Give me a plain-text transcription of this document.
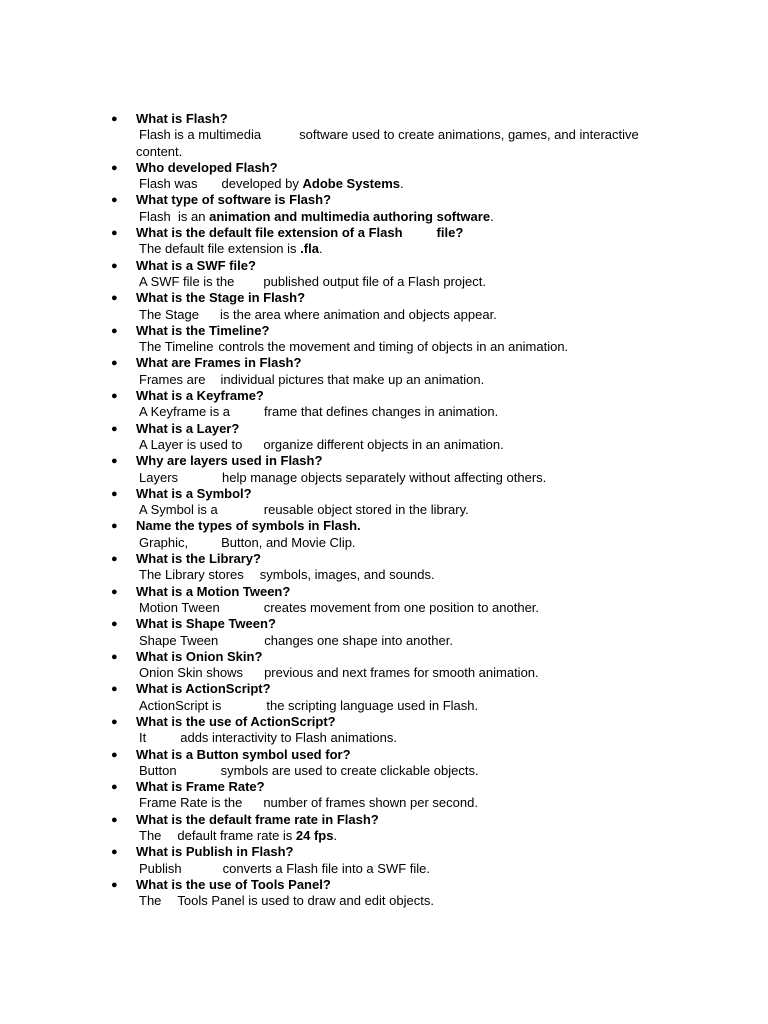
● What is Flash?
Flash is a multimedia	software used to create animations, games, and interactive
content.
● Who developed Flash?
Flash was developed by Adobe Systems.
● What type of software is Flash?
Flash  is an animation and multimedia authoring software.
● What is the default file extension of a Flash	file?
The default file extension is .fla.
● What is a SWF file?
A SWF file is the published output file of a Flash project.
● What is the Stage in Flash?
The Stage is the area where animation and objects appear.
● What is the Timeline?
The Timeline controls the movement and timing of objects in an animation.
● What are Frames in Flash?
Frames are individual pictures that make up an animation.
● What is a Keyframe?
A Keyframe is a	frame that defines changes in animation.
● What is a Layer?
A Layer is used to organize different objects in an animation.
● Why are layers used in Flash?
Layers	help manage objects separately without affecting others.
● What is a Symbol?
A Symbol is a	reusable object stored in the library.
● Name the types of symbols in Flash.
Graphic,	Button, and Movie Clip.
● What is the Library?
The Library stores symbols, images, and sounds.
● What is a Motion Tween?
Motion Tween	creates movement from one position to another.
● What is Shape Tween?
Shape Tween	changes one shape into another.
● What is Onion Skin?
Onion Skin shows previous and next frames for smooth animation.
● What is ActionScript?
ActionScript is	the scripting language used in Flash.
● What is the use of ActionScript?
It	adds interactivity to Flash animations.
● What is a Button symbol used for?
Button	symbols are used to create clickable objects.
● What is Frame Rate?
Frame Rate is the number of frames shown per second.
● What is the default frame rate in Flash?
The default frame rate is 24 fps.
● What is Publish in Flash?
Publish	converts a Flash file into a SWF file.
● What is the use of Tools Panel?
The Tools Panel is used to draw and edit objects.
